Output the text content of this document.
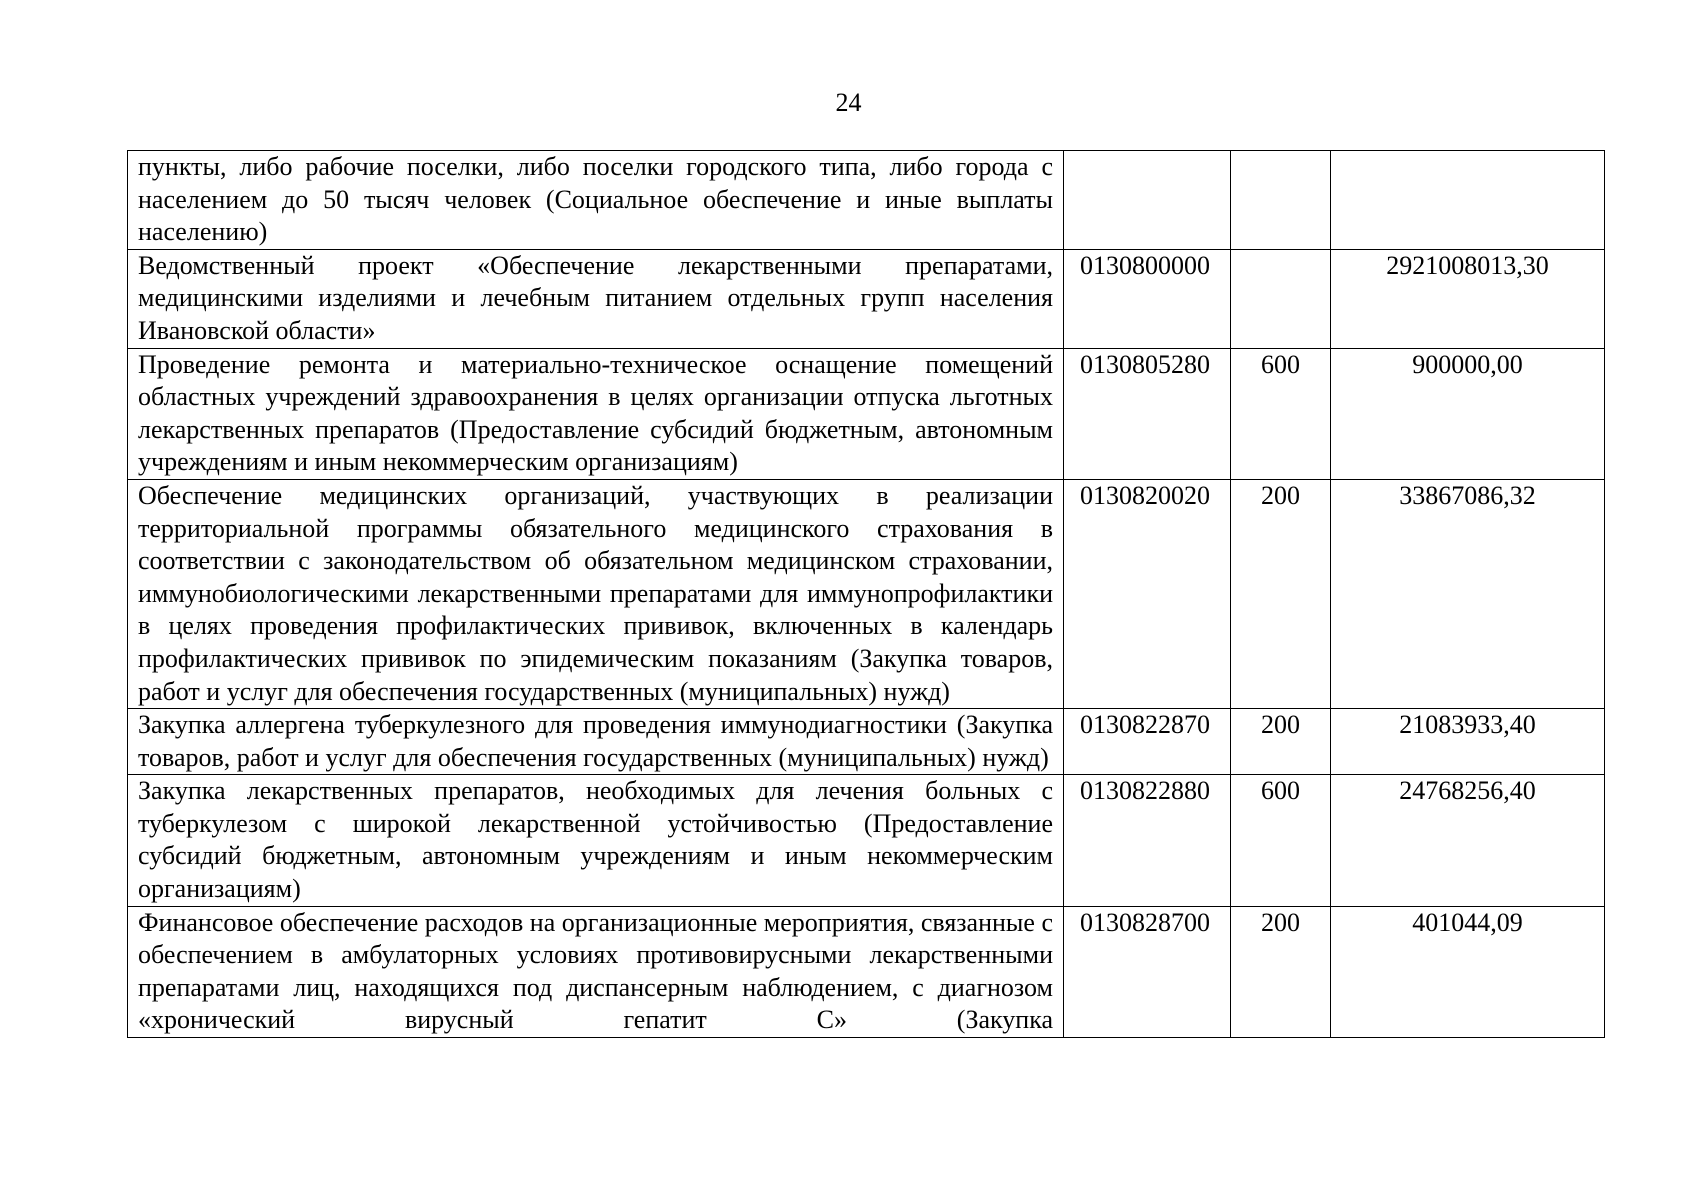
24
пункты, либо рабочие поселки, либо поселки городского типа, либо города с населением до 50 тысяч человек (Социальное обеспечение и иные выплаты населению)			
Ведомственный проект «Обеспечение лекарственными препаратами, медицинскими изделиями и лечебным питанием отдельных групп населения Ивановской области»	0130800000		2921008013,30
Проведение ремонта и материально-техническое оснащение помещений областных учреждений здравоохранения в целях организации отпуска льготных лекарственных препаратов (Предоставление субсидий бюджетным, автономным учреждениям и иным некоммерческим организациям)	0130805280	600	900000,00
Обеспечение медицинских организаций, участвующих в реализации территориальной программы обязательного медицинского страхования в соответствии с законодательством об обязательном медицинском страховании, иммунобиологическими лекарственными препаратами для иммунопрофилактики в целях проведения профилактических прививок, включенных в календарь профилактических прививок по эпидемическим показаниям (Закупка товаров, работ и услуг для обеспечения государственных (муниципальных) нужд)	0130820020	200	33867086,32
Закупка аллергена туберкулезного для проведения иммунодиагностики (Закупка товаров, работ и услуг для обеспечения государственных (муниципальных) нужд)	0130822870	200	21083933,40
Закупка лекарственных препаратов, необходимых для лечения больных с туберкулезом с широкой лекарственной устойчивостью (Предоставление субсидий бюджетным, автономным учреждениям и иным некоммерческим организациям)	0130822880	600	24768256,40
Финансовое обеспечение расходов на организационные мероприятия, связанные с обеспечением в амбулаторных условиях противовирусными лекарственными препаратами лиц, находящихся под диспансерным наблюдением, с диагнозом «хронический вирусный гепатит С» (Закупка	0130828700	200	401044,09
